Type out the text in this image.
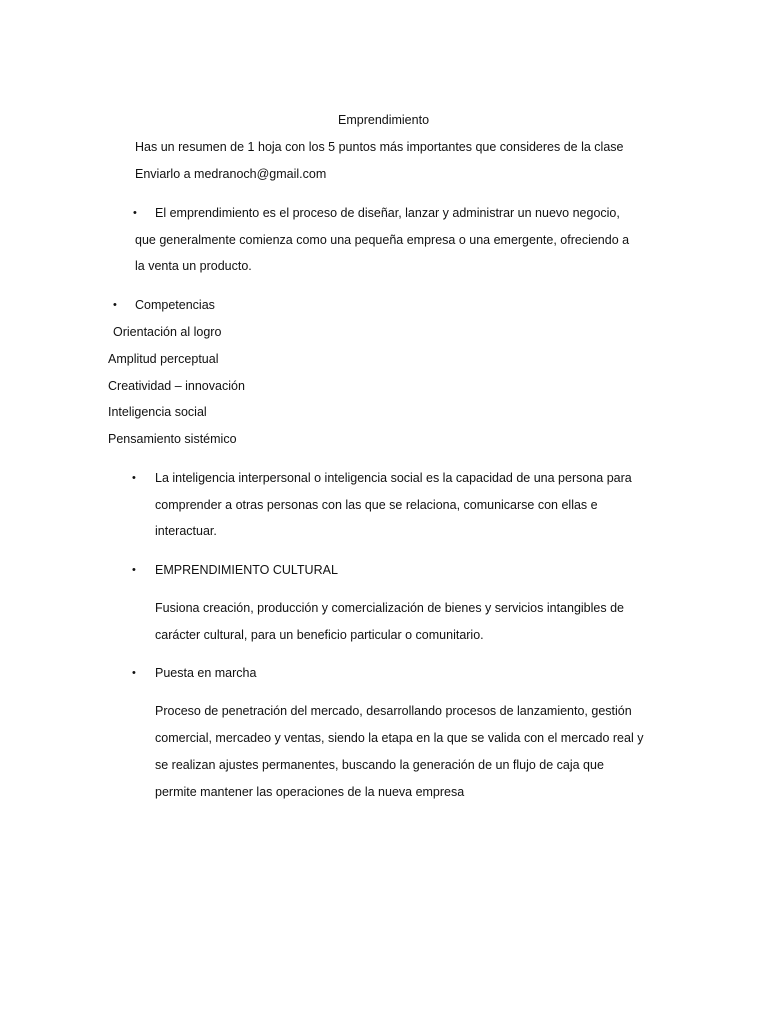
Emprendimiento
Has un resumen de 1 hoja con los 5 puntos más importantes que consideres de la clase
Enviarlo a medranoch@gmail.com
• El emprendimiento es el proceso de diseñar, lanzar y administrar un nuevo negocio,
que generalmente comienza como una pequeña empresa o una emergente, ofreciendo a
la venta un producto.
• Competencias
Orientación al logro
Amplitud perceptual
Creatividad – innovación
Inteligencia social
Pensamiento sistémico
• La inteligencia interpersonal o inteligencia social es la capacidad de una persona para
comprender a otras personas con las que se relaciona, comunicarse con ellas e
interactuar.
• EMPRENDIMIENTO CULTURAL
Fusiona creación, producción y comercialización de bienes y servicios intangibles de
carácter cultural, para un beneficio particular o comunitario.
• Puesta en marcha
Proceso de penetración del mercado, desarrollando procesos de lanzamiento, gestión
comercial, mercadeo y ventas, siendo la etapa en la que se valida con el mercado real y
se realizan ajustes permanentes, buscando la generación de un flujo de caja que
permite mantener las operaciones de la nueva empresa
